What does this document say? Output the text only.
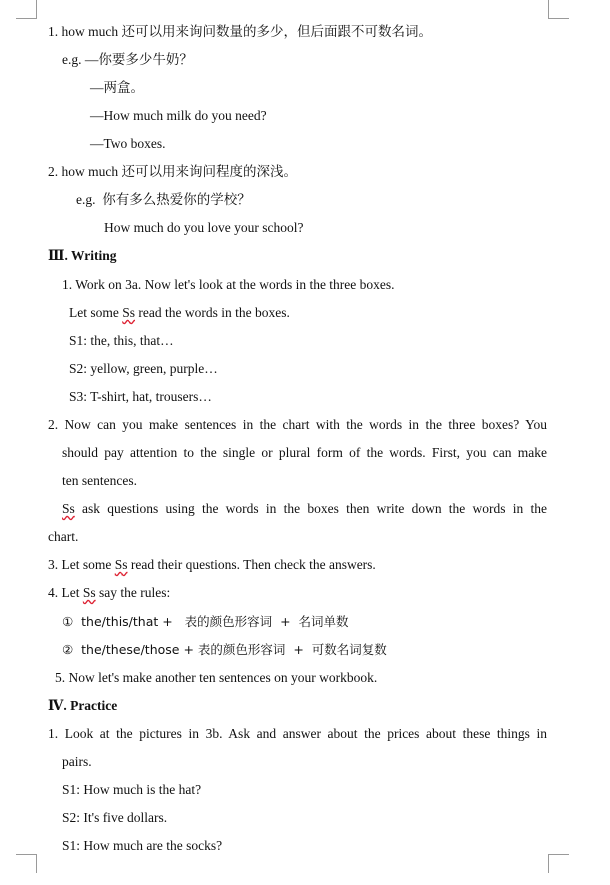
1. how much 还可以用来询问数量的多少，但后面跟不可数名词。
e.g. —你要多少牛奶？
—两盒。
—How much milk do you need?
—Two boxes.
2. how much 还可以用来询问程度的深浅。
e.g. 你有多么热爱你的学校？
How much do you love your school?
Ⅲ. Writing
1. Work on 3a. Now let's look at the words in the three boxes.
Let some Ss read the words in the boxes.
S1: the, this, that…
S2: yellow, green, purple…
S3: T-shirt, hat, trousers…
2. Now can you make sentences in the chart with the words in the three boxes? You
should pay attention to the single or plural form of the words. First, you can make
ten sentences.
Ss ask questions using the words in the boxes then write down the words in the
chart.
3. Let some Ss read their questions. Then check the answers.
4. Let Ss say the rules:
①  the/this/that +   表的颜色形容词  +  名词单数
②  the/these/those + 表的颜色形容词  +  可数名词复数
5. Now let's make another ten sentences on your workbook.
Ⅳ. Practice
1. Look at the pictures in 3b. Ask and answer about the prices about these things in
pairs.
S1: How much is the hat?
S2: It's five dollars.
S1: How much are the socks?
